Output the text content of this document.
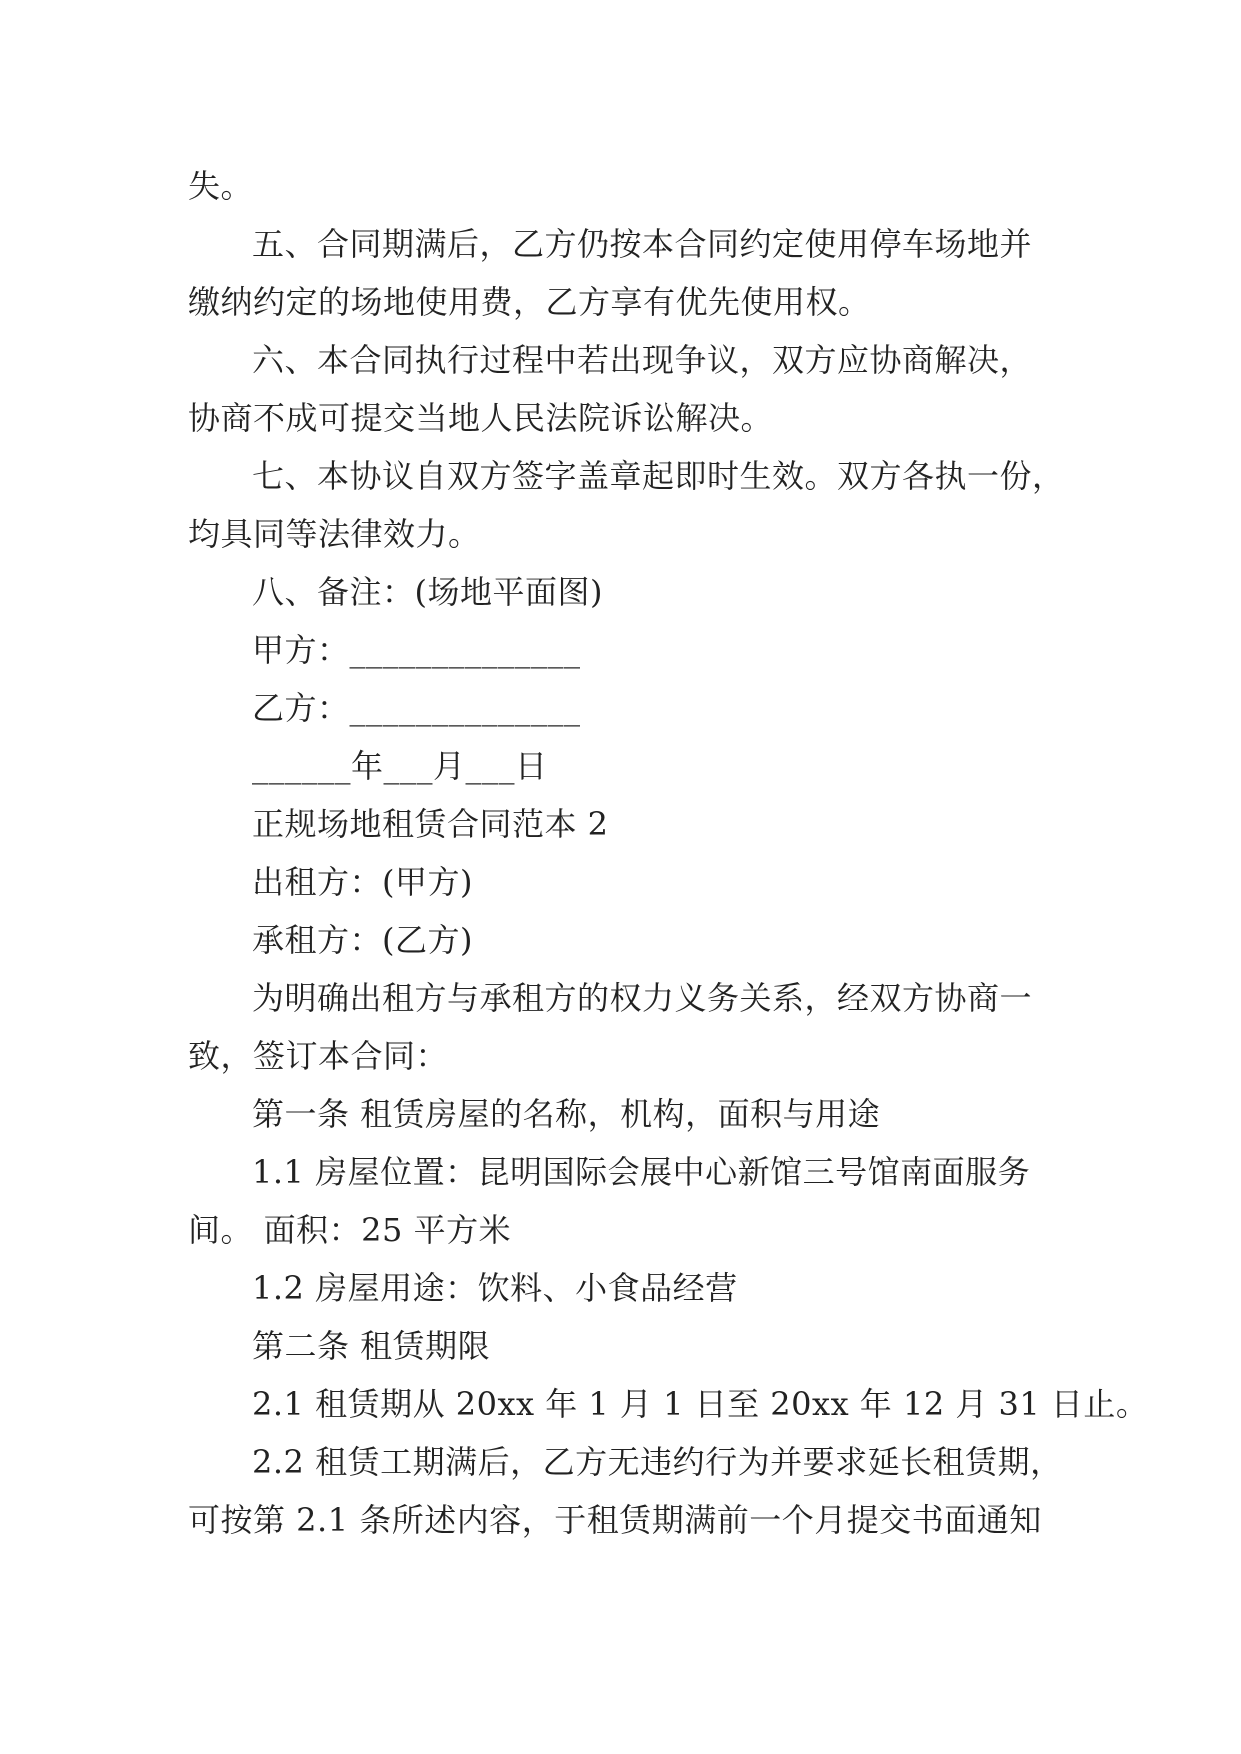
失。
五、合同期满后，乙方仍按本合同约定使用停车场地并
缴纳约定的场地使用费，乙方享有优先使用权。
六、本合同执行过程中若出现争议，双方应协商解决，
协商不成可提交当地人民法院诉讼解决。
七、本协议自双方签字盖章起即时生效。双方各执一份，
均具同等法律效力。
八、备注：(场地平面图)
甲方：______________
乙方：______________
______年___月___日
正规场地租赁合同范本 2
出租方：(甲方)
承租方：(乙方)
为明确出租方与承租方的权力义务关系，经双方协商一
致，签订本合同：
第一条 租赁房屋的名称，机构，面积与用途
1.1 房屋位置：昆明国际会展中心新馆三号馆南面服务
间。 面积：25 平方米
1.2 房屋用途：饮料、小食品经营
第二条 租赁期限
2.1 租赁期从 20xx 年 1 月 1 日至 20xx 年 12 月 31 日止。
2.2 租赁工期满后，乙方无违约行为并要求延长租赁期，
可按第 2.1 条所述内容，于租赁期满前一个月提交书面通知
